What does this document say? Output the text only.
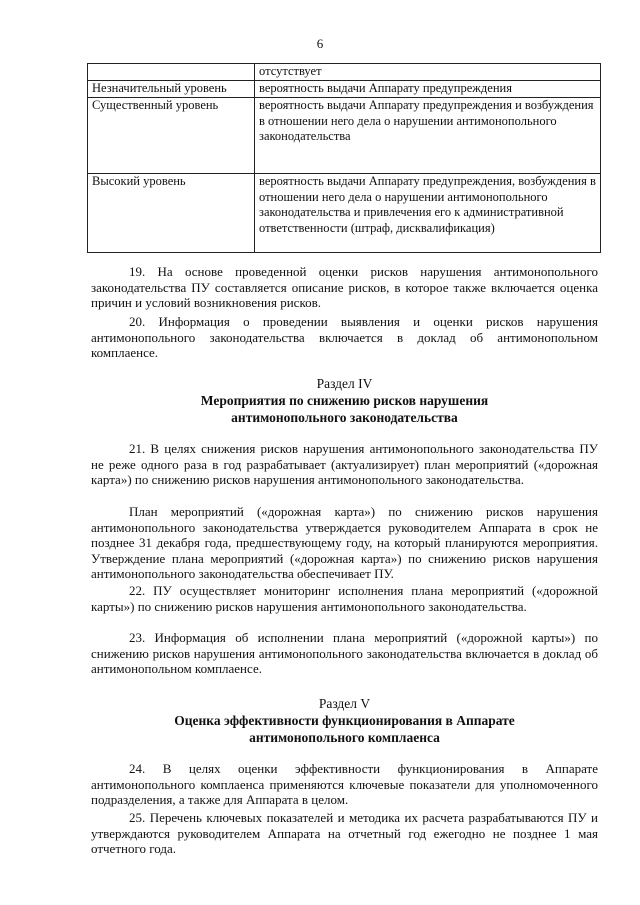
6
	отсутствует
Незначительный уровень	вероятность выдачи Аппарату предупреждения
Существенный уровень	вероятность выдачи Аппарату предупреждения и возбуждения в отношении него дела о нарушении антимонопольного законодательства
Высокий уровень	вероятность выдачи Аппарату предупреждения, возбуждения в отношении него дела о нарушении антимонопольного законодательства и привлечения его к административной ответственности (штраф, дисквалификация)

19. На основе проведенной оценки рисков нарушения антимонопольного законодательства ПУ составляется описание рисков, в которое также включается оценка причин и условий возникновения рисков.

20. Информация о проведении выявления и оценки рисков нарушения антимонопольного законодательства включается в доклад об антимонопольном комплаенсе.

Раздел IV
Мероприятия по снижению рисков нарушения
антимонопольного законодательства

21. В целях снижения рисков нарушения антимонопольного законодательства ПУ не реже одного раза в год разрабатывает (актуализирует) план мероприятий («дорожная карта») по снижению рисков нарушения антимонопольного законодательства.

План мероприятий («дорожная карта») по снижению рисков нарушения антимонопольного законодательства утверждается руководителем Аппарата в срок не позднее 31 декабря года, предшествующему году, на который планируются мероприятия. Утверждение плана мероприятий («дорожная карта») по снижению рисков нарушения антимонопольного законодательства обеспечивает ПУ.

22. ПУ осуществляет мониторинг исполнения плана мероприятий («дорожной карты») по снижению рисков нарушения антимонопольного законодательства.

23. Информация об исполнении плана мероприятий («дорожной карты») по снижению рисков нарушения антимонопольного законодательства включается в доклад об антимонопольном комплаенсе.

Раздел V
Оценка эффективности функционирования в Аппарате
антимонопольного комплаенса

24. В целях оценки эффективности функционирования в Аппарате антимонопольного комплаенса применяются ключевые показатели для уполномоченного подразделения, а также для Аппарата в целом.

25. Перечень ключевых показателей и методика их расчета разрабатываются ПУ и утверждаются руководителем Аппарата на отчетный год ежегодно не позднее 1 мая отчетного года.
